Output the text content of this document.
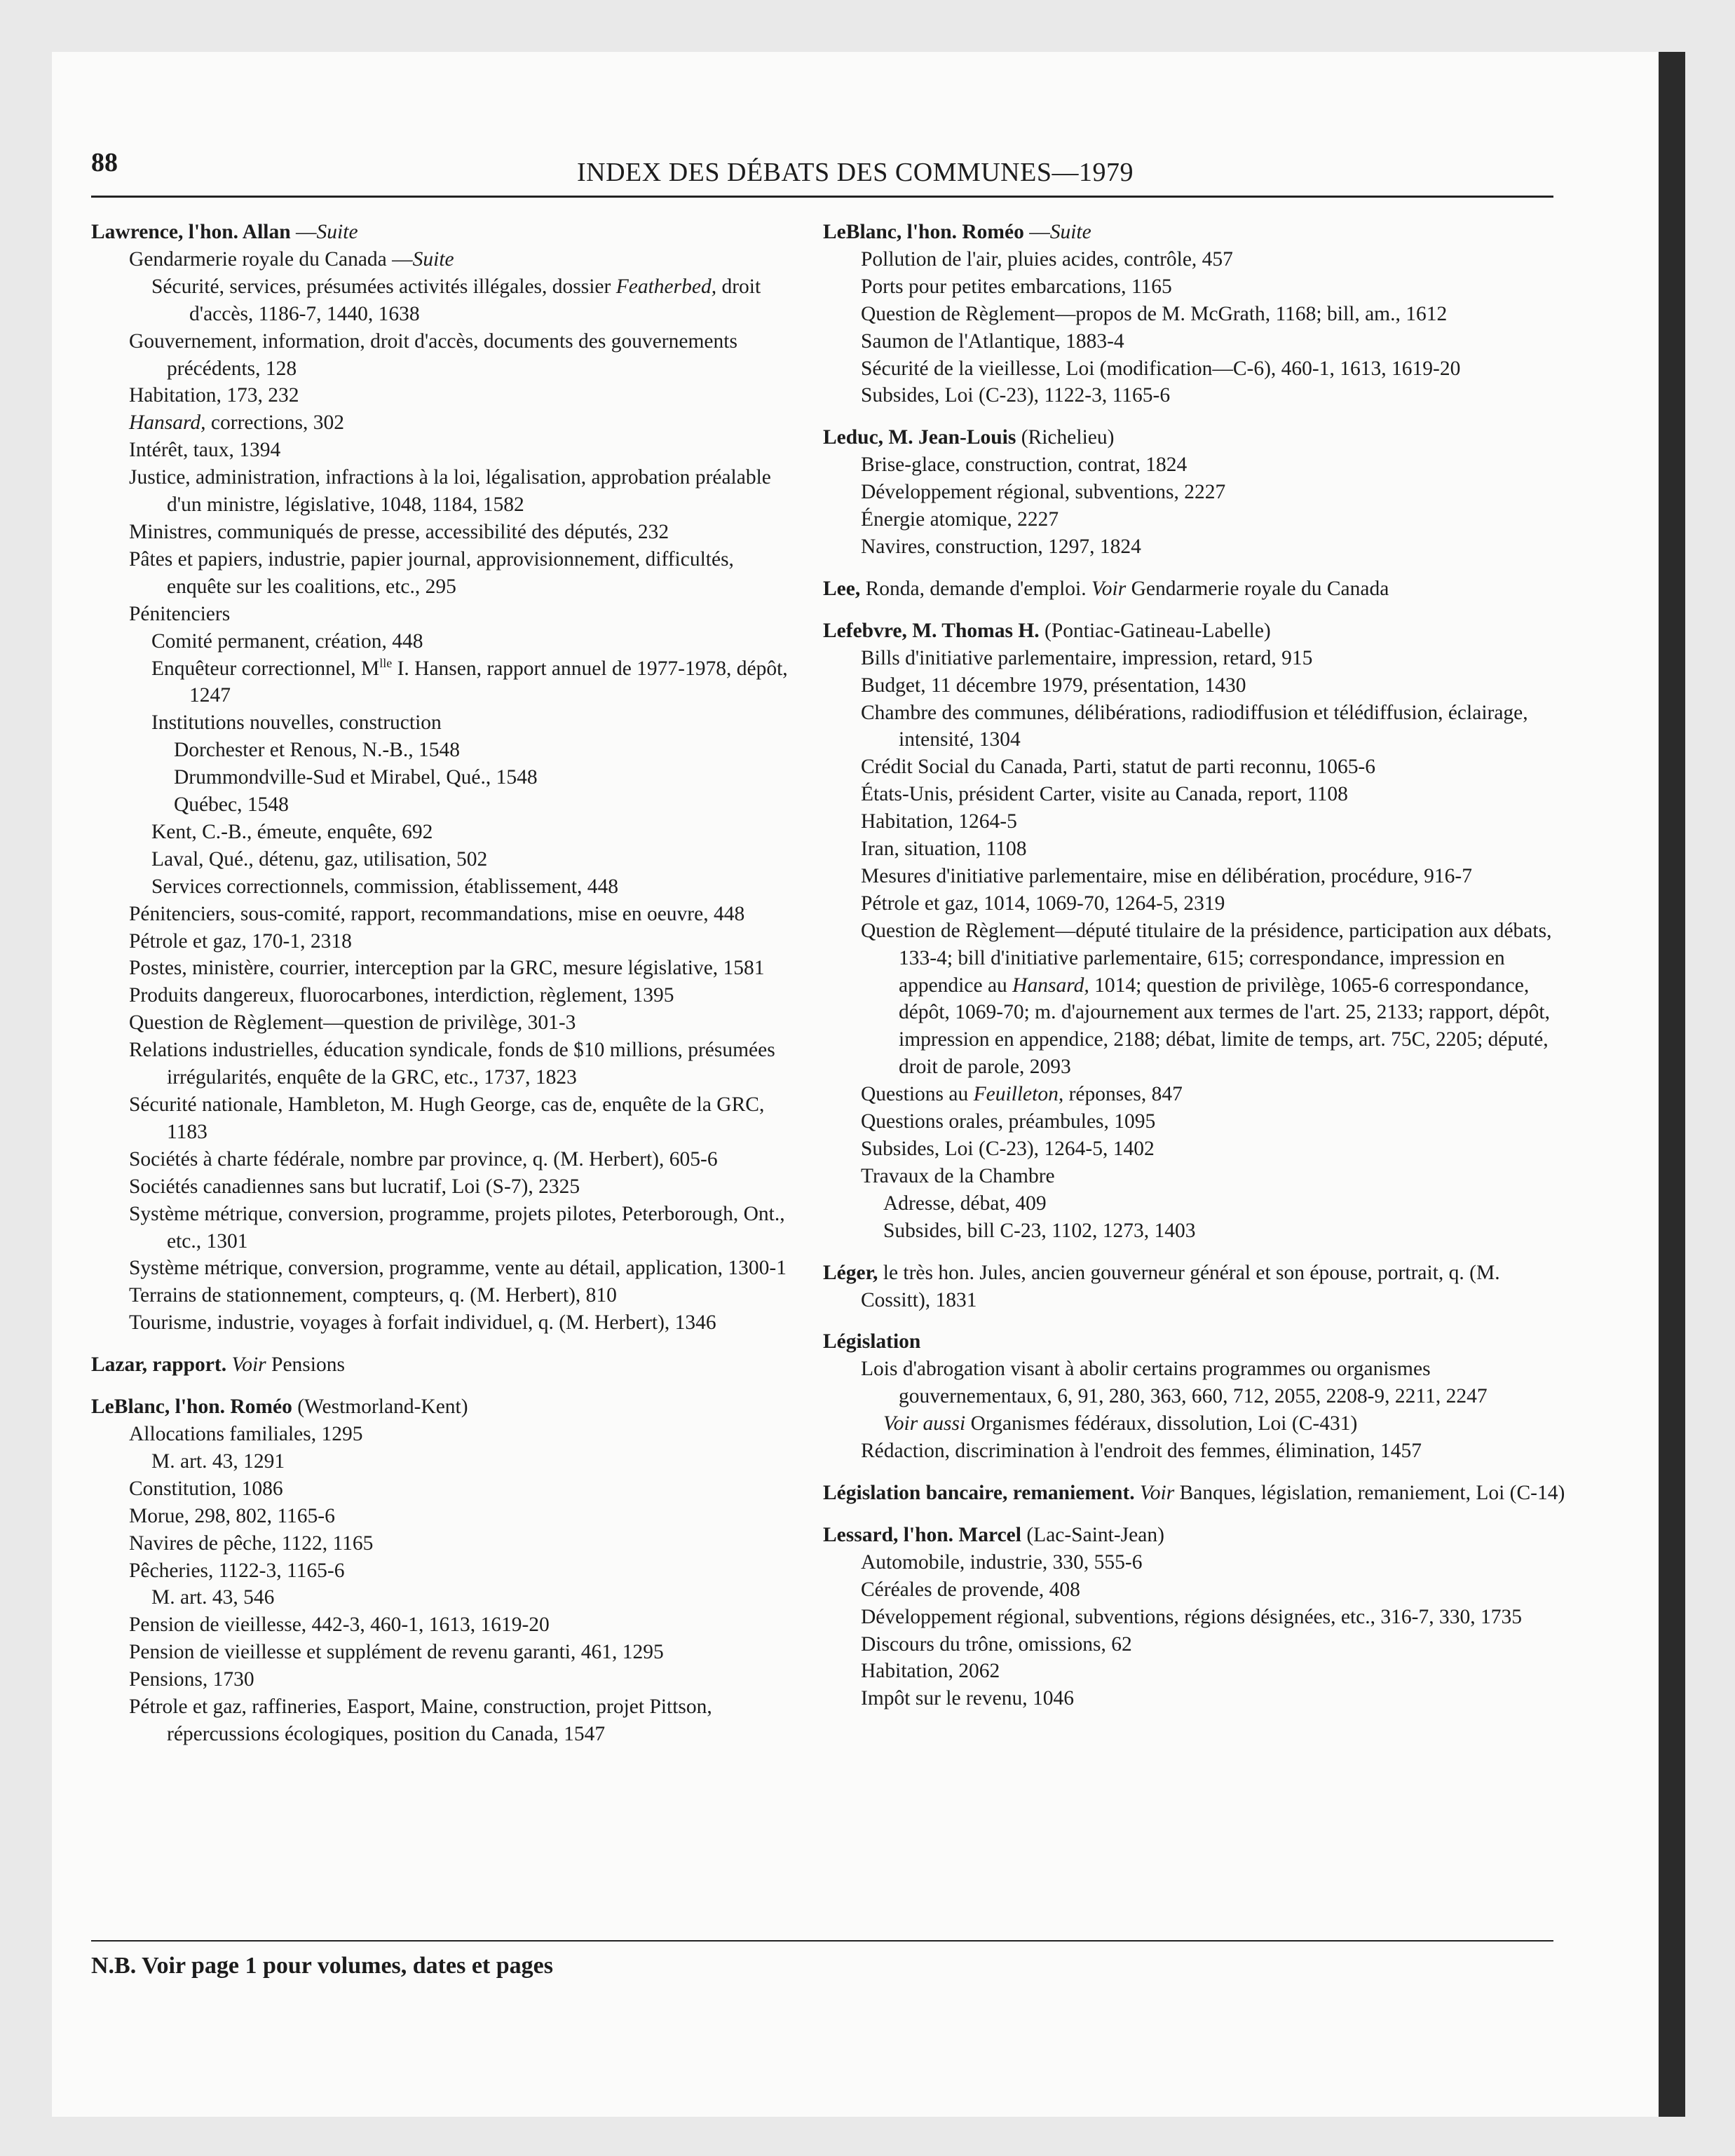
88	INDEX DES DÉBATS DES COMMUNES—1979
Lawrence, l'hon. Allan —Suite
Gendarmerie royale du Canada —Suite
Sécurité, services, présumées activités illégales, dossier Featherbed, droit d'accès, 1186-7, 1440, 1638
Gouvernement, information, droit d'accès, documents des gouvernements précédents, 128
Habitation, 173, 232
Hansard, corrections, 302
Intérêt, taux, 1394
Justice, administration, infractions à la loi, légalisation, approbation préalable d'un ministre, législative, 1048, 1184, 1582
Ministres, communiqués de presse, accessibilité des députés, 232
Pâtes et papiers, industrie, papier journal, approvisionnement, difficultés, enquête sur les coalitions, etc., 295
Pénitenciers
Comité permanent, création, 448
Enquêteur correctionnel, $M^{lle}$ I. Hansen, rapport annuel de 1977-1978, dépôt, 1247
Institutions nouvelles, construction
Dorchester et Renous, N.-B., 1548
Drummondville-Sud et Mirabel, Qué., 1548
Québec, 1548
Kent, C.-B., émeute, enquête, 692
Laval, Qué., détenu, gaz, utilisation, 502
Services correctionnels, commission, établissement, 448
Pénitenciers, sous-comité, rapport, recommandations, mise en oeuvre, 448
Pétrole et gaz, 170-1, 2318
Postes, ministère, courrier, interception par la GRC, mesure législative, 1581
Produits dangereux, fluorocarbones, interdiction, règlement, 1395
Question de Règlement—question de privilège, 301-3
Relations industrielles, éducation syndicale, fonds de $10 millions, présumées irrégularités, enquête de la GRC, etc., 1737, 1823
Sécurité nationale, Hambleton, M. Hugh George, cas de, enquête de la GRC, 1183
Sociétés à charte fédérale, nombre par province, q. (M. Herbert), 605-6
Sociétés canadiennes sans but lucratif, Loi (S-7), 2325
Système métrique, conversion, programme, projets pilotes, Peterborough, Ont., etc., 1301
Système métrique, conversion, programme, vente au détail, application, 1300-1
Terrains de stationnement, compteurs, q. (M. Herbert), 810
Tourisme, industrie, voyages à forfait individuel, q. (M. Herbert), 1346
Lazar, rapport. Voir Pensions
LeBlanc, l'hon. Roméo (Westmorland-Kent)
Allocations familiales, 1295
M. art. 43, 1291
Constitution, 1086
Morue, 298, 802, 1165-6
Navires de pêche, 1122, 1165
Pêcheries, 1122-3, 1165-6
M. art. 43, 546
Pension de vieillesse, 442-3, 460-1, 1613, 1619-20
Pension de vieillesse et supplément de revenu garanti, 461, 1295
Pensions, 1730
Pétrole et gaz, raffineries, Easport, Maine, construction, projet Pittson, répercussions écologiques, position du Canada, 1547
LeBlanc, l'hon. Roméo —Suite
Pollution de l'air, pluies acides, contrôle, 457
Ports pour petites embarcations, 1165
Question de Règlement—propos de M. McGrath, 1168; bill, am., 1612
Saumon de l'Atlantique, 1883-4
Sécurité de la vieillesse, Loi (modification—C-6), 460-1, 1613, 1619-20
Subsides, Loi (C-23), 1122-3, 1165-6
Leduc, M. Jean-Louis (Richelieu)
Brise-glace, construction, contrat, 1824
Développement régional, subventions, 2227
Énergie atomique, 2227
Navires, construction, 1297, 1824
Lee, Ronda, demande d'emploi. Voir Gendarmerie royale du Canada
Lefebvre, M. Thomas H. (Pontiac-Gatineau-Labelle)
Bills d'initiative parlementaire, impression, retard, 915
Budget, 11 décembre 1979, présentation, 1430
Chambre des communes, délibérations, radiodiffusion et télédiffusion, éclairage, intensité, 1304
Crédit Social du Canada, Parti, statut de parti reconnu, 1065-6
États-Unis, président Carter, visite au Canada, report, 1108
Habitation, 1264-5
Iran, situation, 1108
Mesures d'initiative parlementaire, mise en délibération, procédure, 916-7
Pétrole et gaz, 1014, 1069-70, 1264-5, 2319
Question de Règlement—député titulaire de la présidence, participation aux débats, 133-4; bill d'initiative parlementaire, 615; correspondance, impression en appendice au Hansard, 1014; question de privilège, 1065-6 correspondance, dépôt, 1069-70; m. d'ajournement aux termes de l'art. 25, 2133; rapport, dépôt, impression en appendice, 2188; débat, limite de temps, art. 75C, 2205; député, droit de parole, 2093
Questions au Feuilleton, réponses, 847
Questions orales, préambules, 1095
Subsides, Loi (C-23), 1264-5, 1402
Travaux de la Chambre
Adresse, débat, 409
Subsides, bill C-23, 1102, 1273, 1403
Léger, le très hon. Jules, ancien gouverneur général et son épouse, portrait, q. (M. Cossitt), 1831
Législation
Lois d'abrogation visant à abolir certains programmes ou organismes gouvernementaux, 6, 91, 280, 363, 660, 712, 2055, 2208-9, 2211, 2247
Voir aussi Organismes fédéraux, dissolution, Loi (C-431)
Rédaction, discrimination à l'endroit des femmes, élimination, 1457
Législation bancaire, remaniement. Voir Banques, législation, remaniement, Loi (C-14)
Lessard, l'hon. Marcel (Lac-Saint-Jean)
Automobile, industrie, 330, 555-6
Céréales de provende, 408
Développement régional, subventions, régions désignées, etc., 316-7, 330, 1735
Discours du trône, omissions, 62
Habitation, 2062
Impôt sur le revenu, 1046
N.B. Voir page 1 pour volumes, dates et pages
